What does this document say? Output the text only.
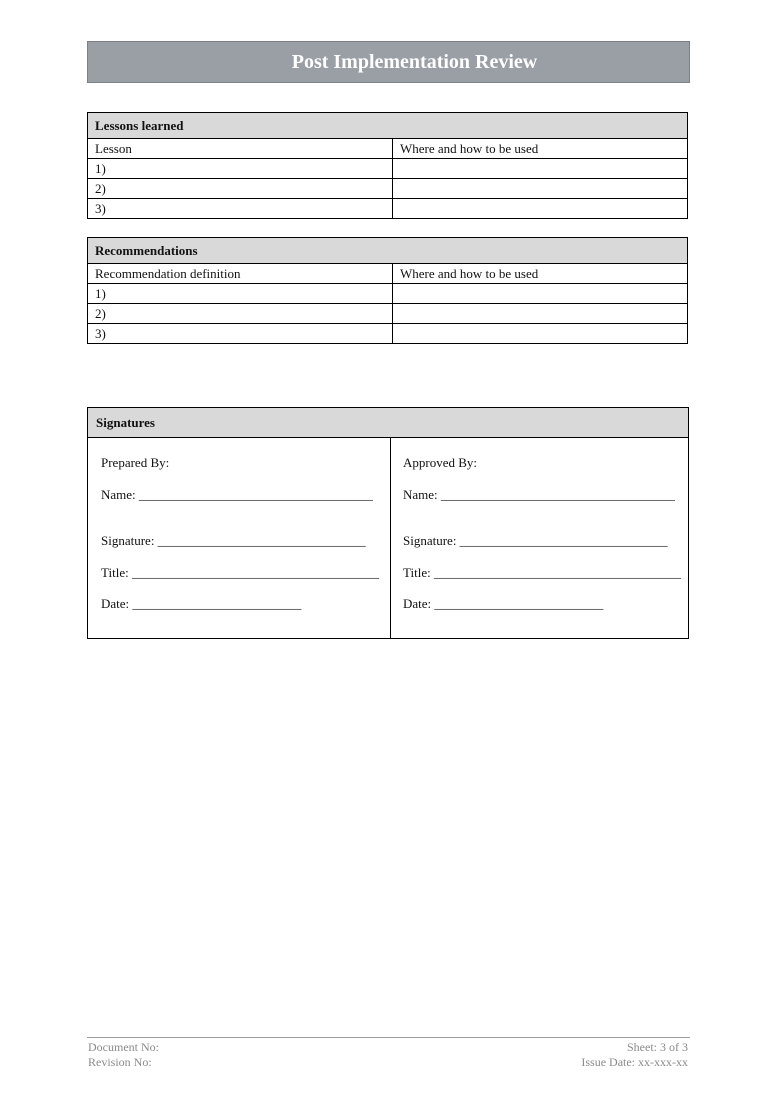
Post Implementation Review
Lessons learned	
Lesson	Where and how to be used
1)	
2)	
3)	
Recommendations	
Recommendation definition	Where and how to be used
1)	
2)	
3)	
Signatures
Prepared By:
Name: ____________________________________
Signature: ________________________________
Title: ______________________________________
Date: __________________________
Approved By:
Name: ____________________________________
Signature: ________________________________
Title: ______________________________________
Date: __________________________
Document No:
Revision No:
Sheet: 3 of 3
Issue Date: xx-xxx-xx
